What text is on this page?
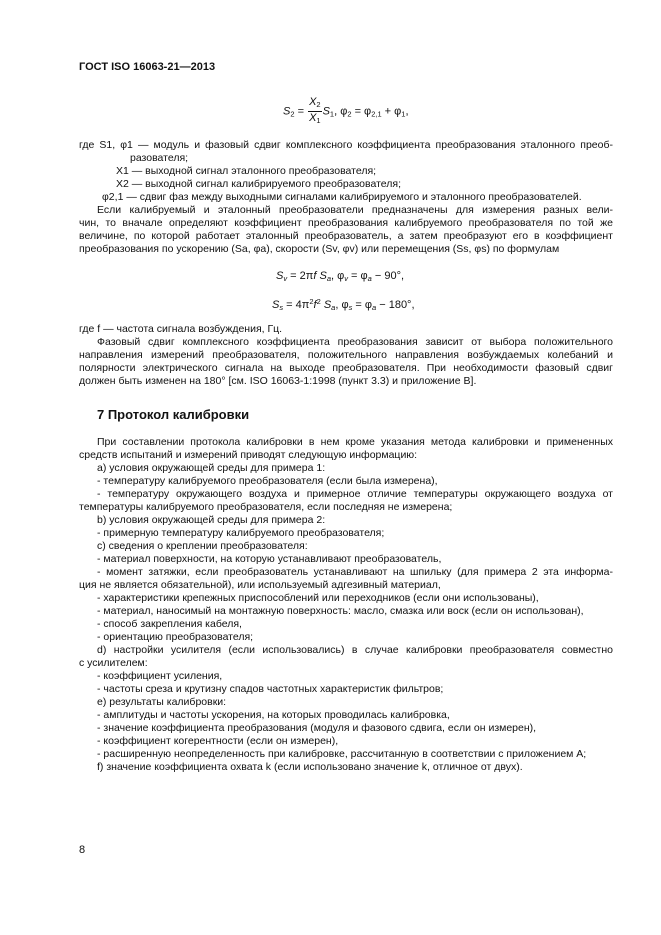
ГОСТ ISO 16063-21—2013
$S_2 = \frac{X_2}{X_1} S_1$, $\varphi_2 = \varphi_{2,1} + \varphi_1$,
где S1, φ1 — модуль и фазовый сдвиг комплексного коэффициента преобразования эталонного преоб-
разователя;
X1 — выходной сигнал эталонного преобразователя;
X2 — выходной сигнал калибрируемого преобразователя;
φ2,1 — сдвиг фаз между выходными сигналами калибрируемого и эталонного преобразователей.
Если калибруемый и эталонный преобразователи предназначены для измерения разных вели-
чин, то вначале определяют коэффициент преобразования калибруемого преобразователя по той же
величине, по которой работает эталонный преобразователь, а затем преобразуют его в коэффициент
преобразования по ускорению (Sa, φa), скорости (Sv, φv) или перемещения (Ss, φs) по формулам
$S_v = 2\pi f$ $S_a$, $\varphi_v = \varphi_a - 90^\circ$,
$S_s = 4\pi^2f^2$ $S_a$, $\varphi_s = \varphi_a - 180^\circ$,
где f — частота сигнала возбуждения, Гц.
Фазовый сдвиг комплексного коэффициента преобразования зависит от выбора положительного
направления измерений преобразователя, положительного направления возбуждаемых колебаний и
полярности электрического сигнала на выходе преобразователя. При необходимости фазовый сдвиг
должен быть изменен на 180° [см. ISO 16063-1:1998 (пункт 3.3) и приложение В].
7 Протокол калибровки
При составлении протокола калибровки в нем кроме указания метода калибровки и примененных
средств испытаний и измерений приводят следующую информацию:
a) условия окружающей среды для примера 1:
- температуру калибруемого преобразователя (если была измерена),
- температуру окружающего воздуха и примерное отличие температуры окружающего воздуха от
температуры калибруемого преобразователя, если последняя не измерена;
b) условия окружающей среды для примера 2:
- примерную температуру калибруемого преобразователя;
c) сведения о креплении преобразователя:
- материал поверхности, на которую устанавливают преобразователь,
- момент затяжки, если преобразователь устанавливают на шпильку (для примера 2 эта информа-
ция не является обязательной), или используемый адгезивный материал,
- характеристики крепежных приспособлений или переходников (если они использованы),
- материал, наносимый на монтажную поверхность: масло, смазка или воск (если он использован),
- способ закрепления кабеля,
- ориентацию преобразователя;
d) настройки усилителя (если использовались) в случае калибровки преобразователя совместно
с усилителем:
- коэффициент усиления,
- частоты среза и крутизну спадов частотных характеристик фильтров;
e) результаты калибровки:
- амплитуды и частоты ускорения, на которых проводилась калибровка,
- значение коэффициента преобразования (модуля и фазового сдвига, если он измерен),
- коэффициент когерентности (если он измерен),
- расширенную неопределенность при калибровке, рассчитанную в соответствии с приложением А;
f) значение коэффициента охвата k (если использовано значение k, отличное от двух).
8
